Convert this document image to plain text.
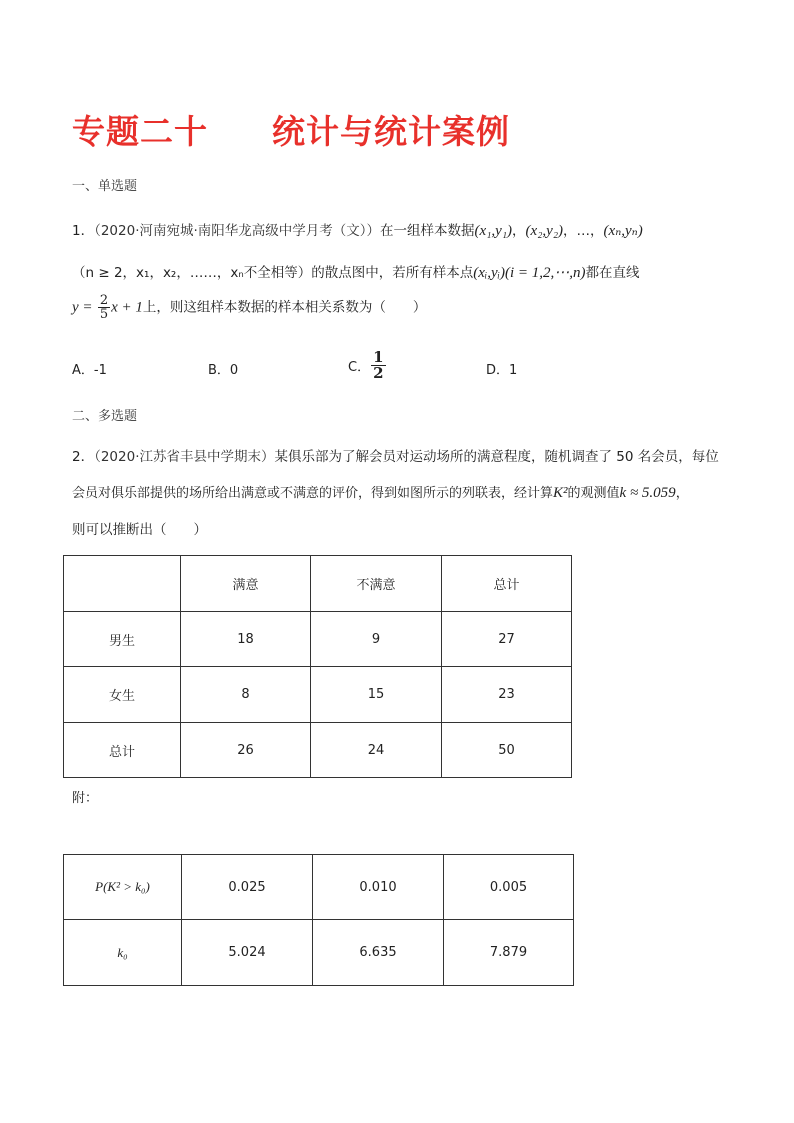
专题二十 统计与统计案例
一、单选题
1．（2020·河南宛城·南阳华龙高级中学月考（文））在一组样本数据(x₁,y₁)，(x₂,y₂)，…，(xₙ,yₙ)
（n ≥ 2，x₁，x₂，……，xₙ不全相等）的散点图中，若所有样本点(xᵢ,yᵢ)(i = 1,2,⋯,n)都在直线
$y = \frac{2}{5}$ x + 1上，则这组样本数据的样本相关系数为（　　）
A．-1	B．0	C． $\frac{1}{2}$	D．1
二、多选题
2．（2020·江苏省丰县中学期末）某俱乐部为了解会员对运动场所的满意程度，随机调查了 50 名会员，每位
会员对俱乐部提供的场所给出满意或不满意的评价，得到如图所示的列联表，经计算K²的观测值k ≈ 5.059，
则可以推断出（　　）
	满意	不满意	总计
男生	18	9	27
女生	8	15	23
总计	26	24	50
附：
P(K² > k₀)	0.025	0.010	0.005
k₀	5.024	6.635	7.879
